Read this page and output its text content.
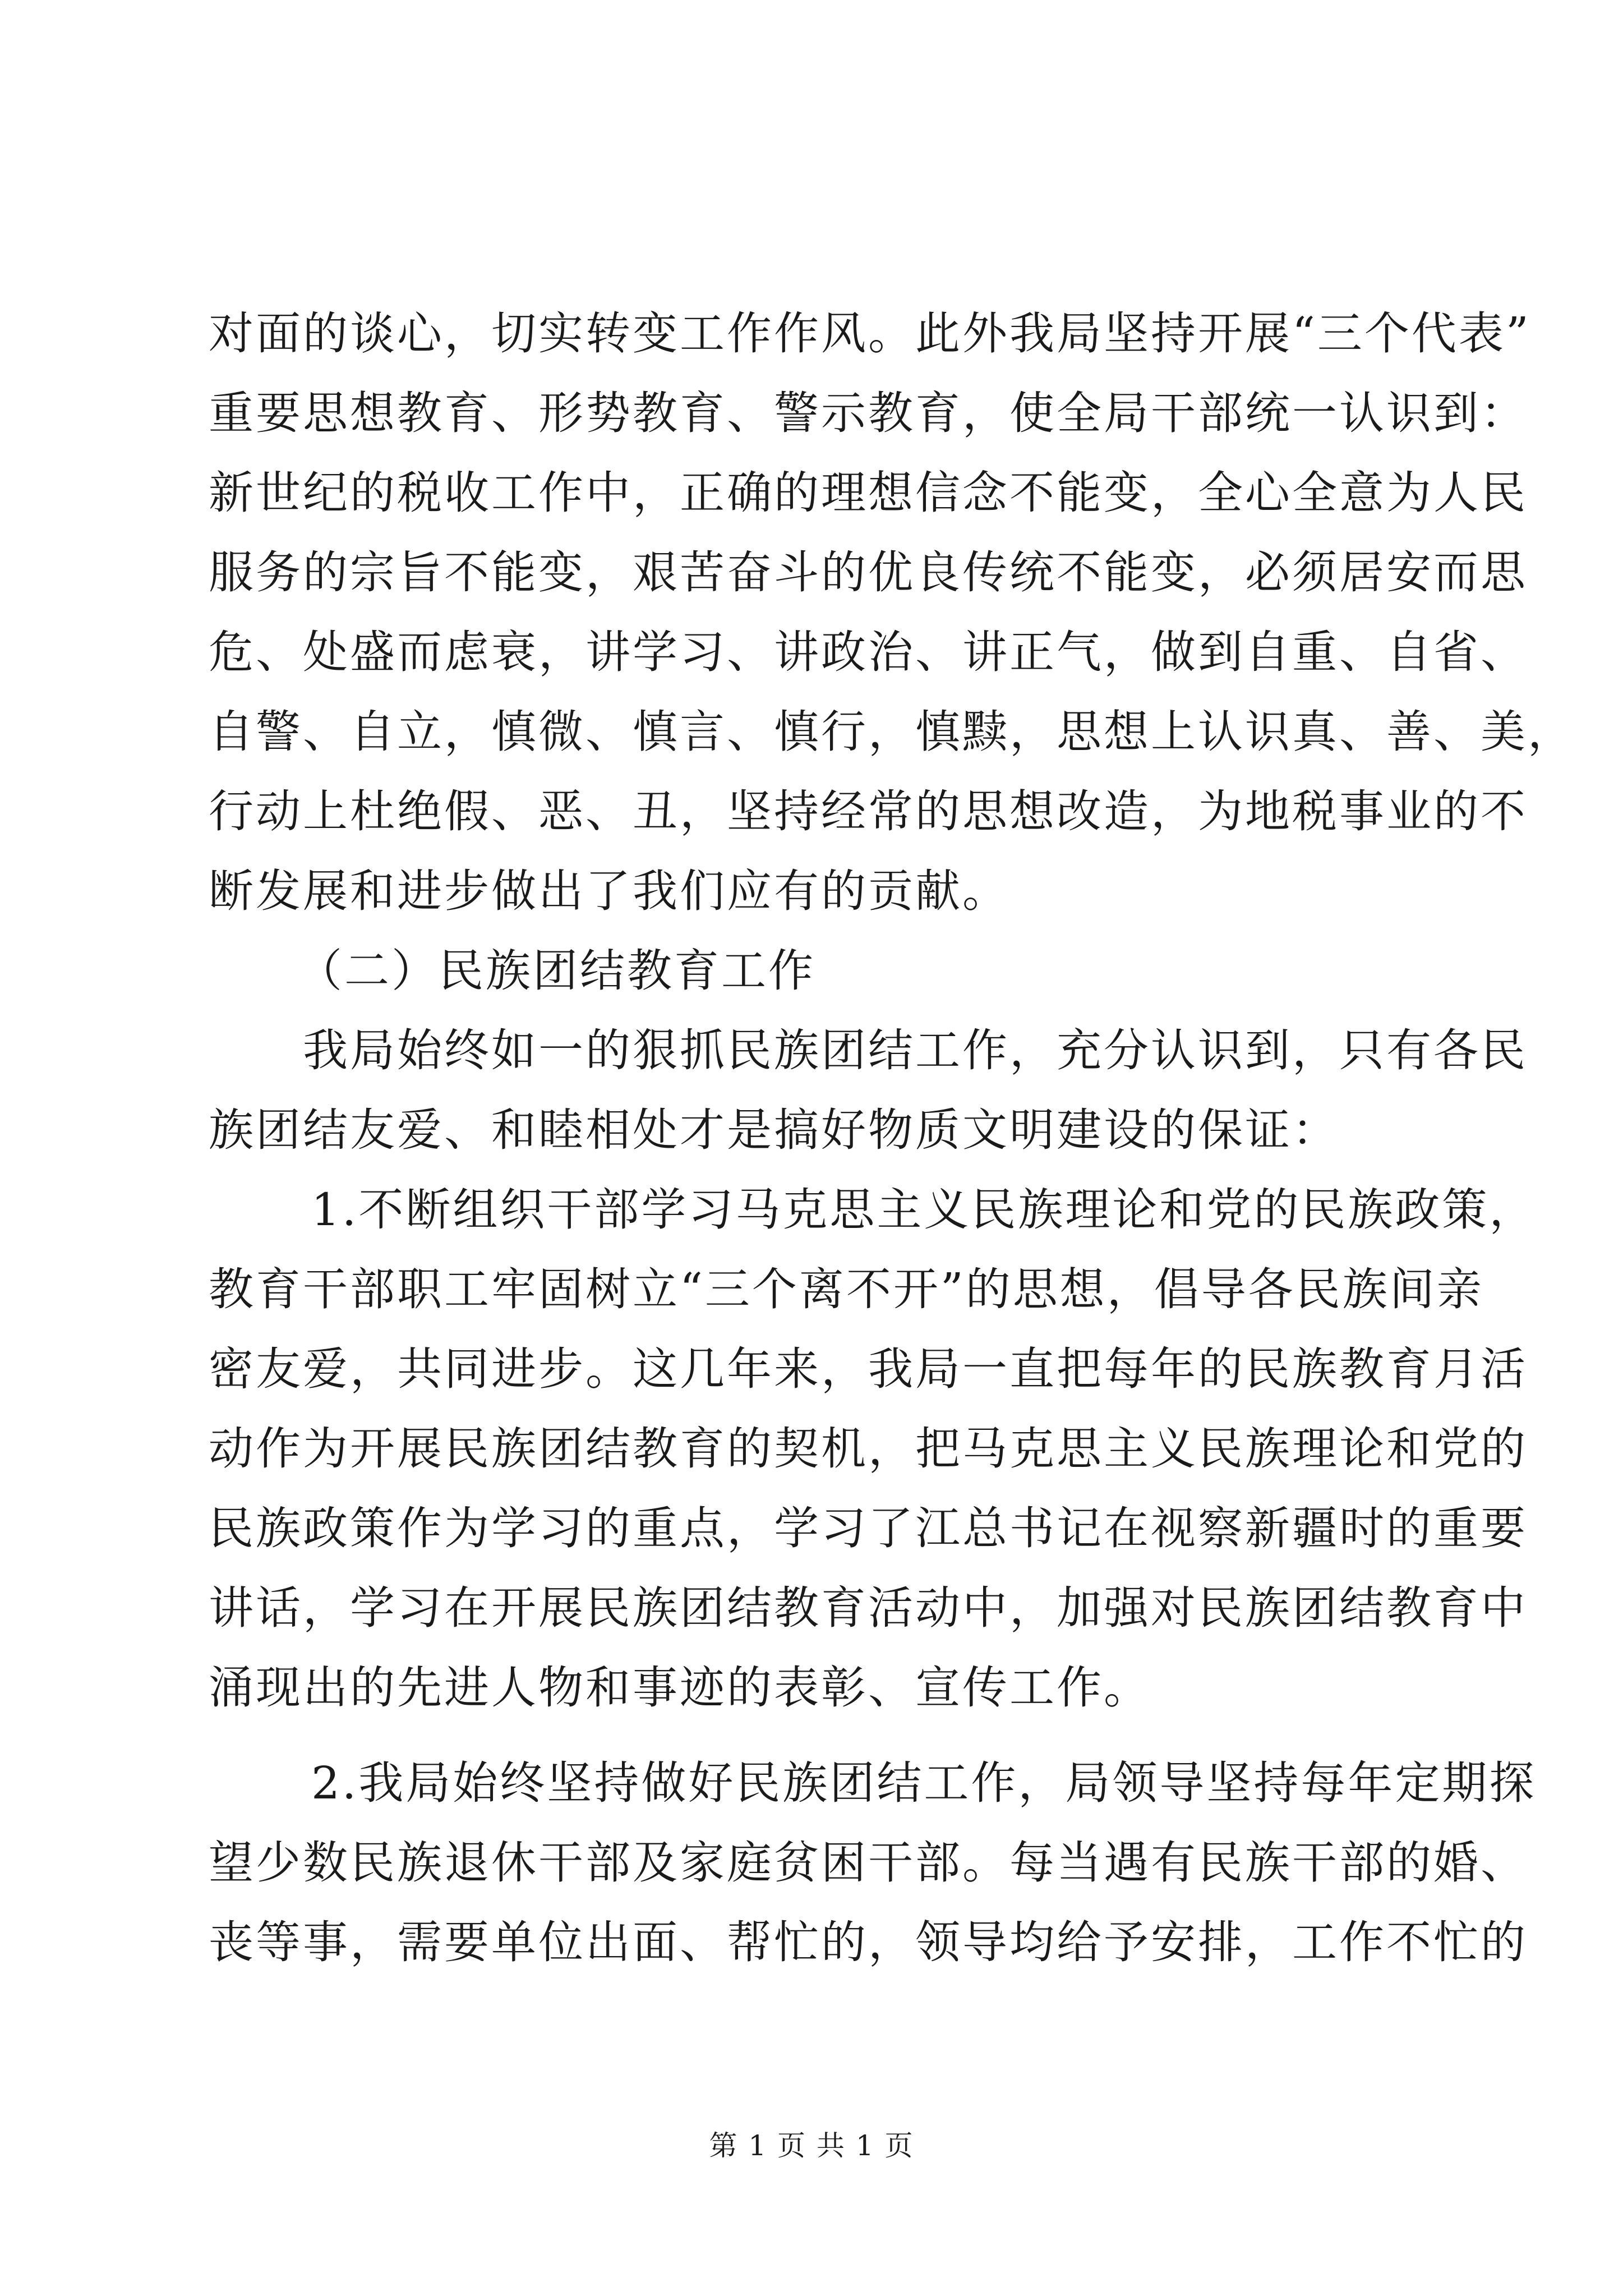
对面的谈心，切实转变工作作风。此外我局坚持开展“三个代表”
重要思想教育、形势教育、警示教育，使全局干部统一认识到：
新世纪的税收工作中，正确的理想信念不能变，全心全意为人民
服务的宗旨不能变，艰苦奋斗的优良传统不能变，必须居安而思
危、处盛而虑衰，讲学习、讲政治、讲正气，做到自重、自省、
自警、自立，慎微、慎言、慎行，慎黩，思想上认识真、善、美，
行动上杜绝假、恶、丑，坚持经常的思想改造，为地税事业的不
断发展和进步做出了我们应有的贡献。
（二）民族团结教育工作
我局始终如一的狠抓民族团结工作，充分认识到，只有各民
族团结友爱、和睦相处才是搞好物质文明建设的保证：
1.不断组织干部学习马克思主义民族理论和党的民族政策，
教育干部职工牢固树立“三个离不开”的思想，倡导各民族间亲
密友爱，共同进步。这几年来，我局一直把每年的民族教育月活
动作为开展民族团结教育的契机，把马克思主义民族理论和党的
民族政策作为学习的重点，学习了江总书记在视察新疆时的重要
讲话，学习在开展民族团结教育活动中，加强对民族团结教育中
涌现出的先进人物和事迹的表彰、宣传工作。
2.我局始终坚持做好民族团结工作，局领导坚持每年定期探
望少数民族退休干部及家庭贫困干部。每当遇有民族干部的婚、
丧等事，需要单位出面、帮忙的，领导均给予安排，工作不忙的
第 1 页 共 1 页
